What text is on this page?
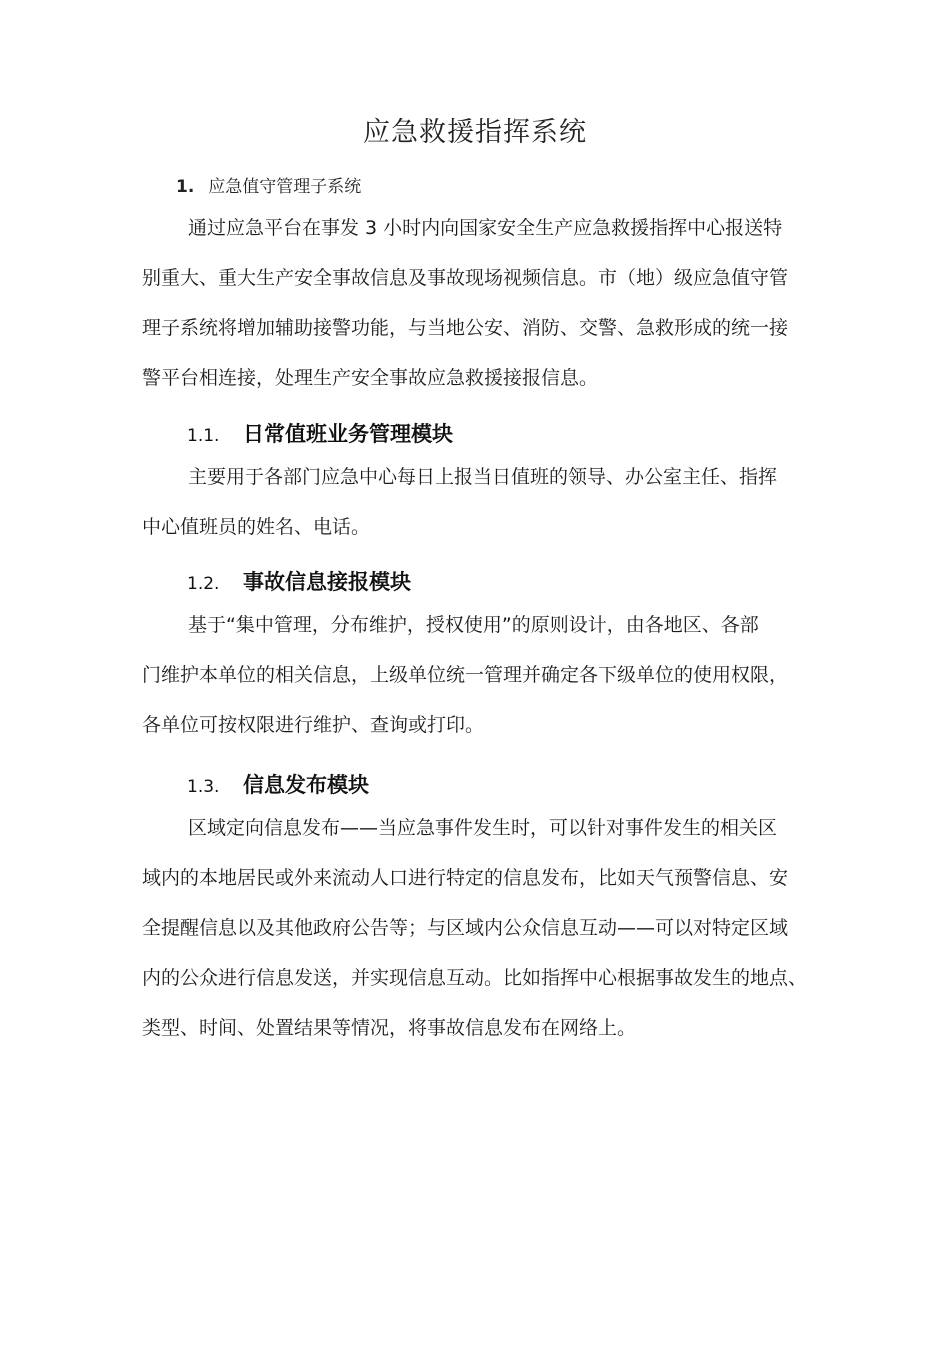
应急救援指挥系统
1. 应急值守管理子系统
通过应急平台在事发 3 小时内向国家安全生产应急救援指挥中心报送特
别重大、重大生产安全事故信息及事故现场视频信息。市（地）级应急值守管
理子系统将增加辅助接警功能，与当地公安、消防、交警、急救形成的统一接
警平台相连接，处理生产安全事故应急救援接报信息。
1.1. 日常值班业务管理模块
主要用于各部门应急中心每日上报当日值班的领导、办公室主任、指挥
中心值班员的姓名、电话。
1.2. 事故信息接报模块
基于“集中管理，分布维护，授权使用”的原则设计，由各地区、各部
门维护本单位的相关信息，上级单位统一管理并确定各下级单位的使用权限，
各单位可按权限进行维护、查询或打印。
1.3. 信息发布模块
区域定向信息发布——当应急事件发生时，可以针对事件发生的相关区
域内的本地居民或外来流动人口进行特定的信息发布，比如天气预警信息、安
全提醒信息以及其他政府公告等；与区域内公众信息互动——可以对特定区域
内的公众进行信息发送，并实现信息互动。比如指挥中心根据事故发生的地点、
类型、时间、处置结果等情况，将事故信息发布在网络上。
